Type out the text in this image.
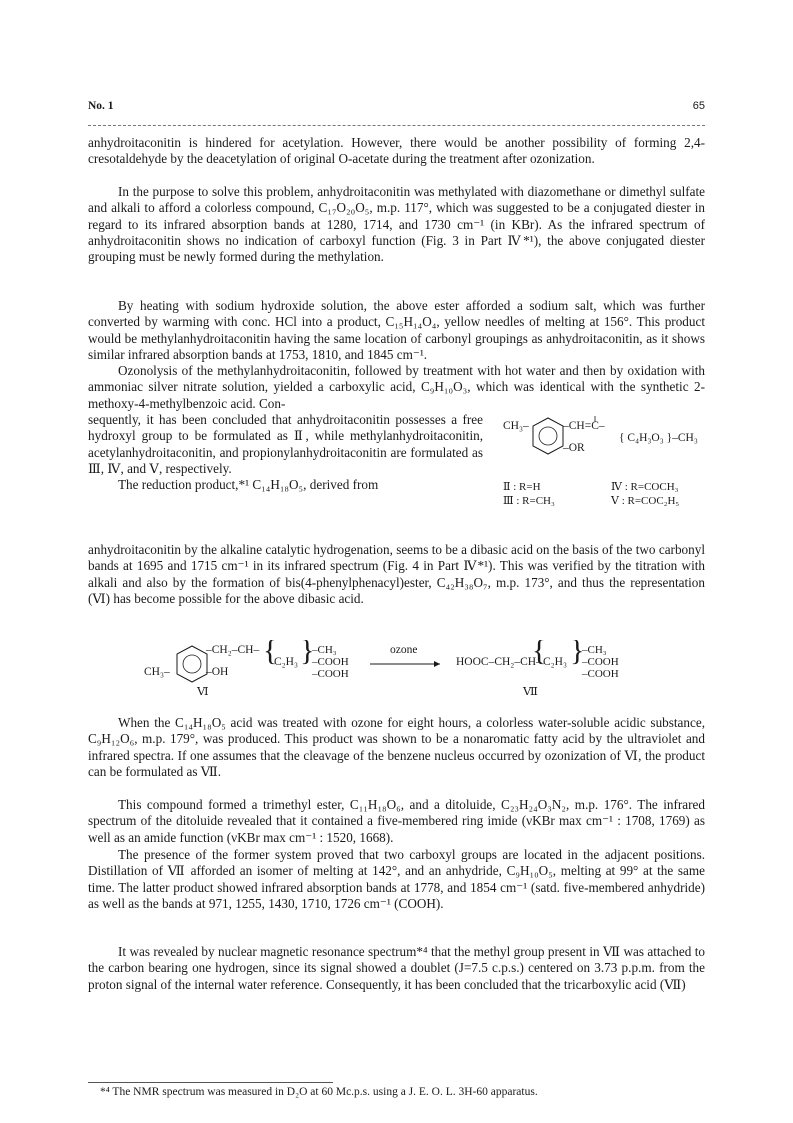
No. 1	65

anhydroitaconitin is hindered for acetylation. However, there would be another possibility of forming 2,4-cresotaldehyde by the deacetylation of original O-acetate during the treatment after ozonization.

In the purpose to solve this problem, anhydroitaconitin was methylated with diazomethane or dimethyl sulfate and alkali to afford a colorless compound, C₁₇O₂₀O₅, m.p. 117°, which was suggested to be a conjugated diester in regard to its infrared absorption bands at 1280, 1714, and 1730 cm⁻¹ (in KBr). As the infrared spectrum of anhydroitaconitin shows no indication of carboxyl function (Fig. 3 in Part Ⅳ*¹), the above conjugated diester grouping must be newly formed during the methylation.

By heating with sodium hydroxide solution, the above ester afforded a sodium salt, which was further converted by warming with conc. HCl into a product, C₁₅H₁₄O₄, yellow needles of melting at 156°. This product would be methylanhydroitaconitin having the same location of carbonyl groupings as anhydroitaconitin, as it shows similar infrared absorption bands at 1753, 1810, and 1845 cm⁻¹.

Ozonolysis of the methylanhydroitaconitin, followed by treatment with hot water and then by oxidation with ammoniac silver nitrate solution, yielded a carboxylic acid, C₉H₁₀O₃, which was identical with the synthetic 2-methoxy-4-methylbenzoic acid. Con-

sequently, it has been concluded that anhydroitaconitin possesses a free hydroxyl group to be formulated as Ⅱ, while methylanhydroitaconitin, acetylanhydroitaconitin, and propionylanhydroitaconitin are formulated as Ⅲ, Ⅳ, and Ⅴ, respectively.

The reduction product,*¹ C₁₄H₁₈O₅, derived from

CH₃–	–CH=C–
–OR
{ C₄H₃O₃ }–CH₃
Ⅱ : R=H	Ⅳ : R=COCH₃
Ⅲ : R=CH₃	Ⅴ : R=COC₂H₅

anhydroitaconitin by the alkaline catalytic hydrogenation, seems to be a dibasic acid on the basis of the two carbonyl bands at 1695 and 1715 cm⁻¹ in its infrared spectrum (Fig. 4 in Part Ⅳ*¹). This was verified by the titration with alkali and also by the formation of bis(4-phenylphenacyl)ester, C₄₂H₃₈O₇, m.p. 173°, and thus the representation (Ⅵ) has become possible for the above dibasic acid.

{ }	{ }
CH₃–
–CH₂–CH–
–OH
C₂H₃
–CH₃
–COOH
–COOH
Ⅵ
ozone
HOOC–CH₂–CH– C₂H₃
–CH₃
–COOH
–COOH
Ⅶ

When the C₁₄H₁₈O₅ acid was treated with ozone for eight hours, a colorless water-soluble acidic substance, C₉H₁₂O₆, m.p. 179°, was produced. This product was shown to be a nonaromatic fatty acid by the ultraviolet and infrared spectra. If one assumes that the cleavage of the benzene nucleus occurred by ozonization of Ⅵ, the product can be formulated as Ⅶ.

This compound formed a trimethyl ester, C₁₁H₁₈O₆, and a ditoluide, C₂₃H₂₄O₃N₂, m.p. 176°. The infrared spectrum of the ditoluide revealed that it contained a five-membered ring imide (νKBr max cm⁻¹ : 1708, 1769) as well as an amide function (νKBr max cm⁻¹ : 1520, 1668).

The presence of the former system proved that two carboxyl groups are located in the adjacent positions. Distillation of Ⅶ afforded an isomer of melting at 142°, and an anhydride, C₉H₁₀O₅, melting at 99° at the same time. The latter product showed infrared absorption bands at 1778, and 1854 cm⁻¹ (satd. five-membered anhydride) as well as the bands at 971, 1255, 1430, 1710, 1726 cm⁻¹ (COOH).

It was revealed by nuclear magnetic resonance spectrum*⁴ that the methyl group present in Ⅶ was attached to the carbon bearing one hydrogen, since its signal showed a doublet (J=7.5 c.p.s.) centered on 3.73 p.p.m. from the proton signal of the internal water reference. Consequently, it has been concluded that the tricarboxylic acid (Ⅶ)

*⁴ The NMR spectrum was measured in D₂O at 60 Mc.p.s. using a J. E. O. L. 3H-60 apparatus.
